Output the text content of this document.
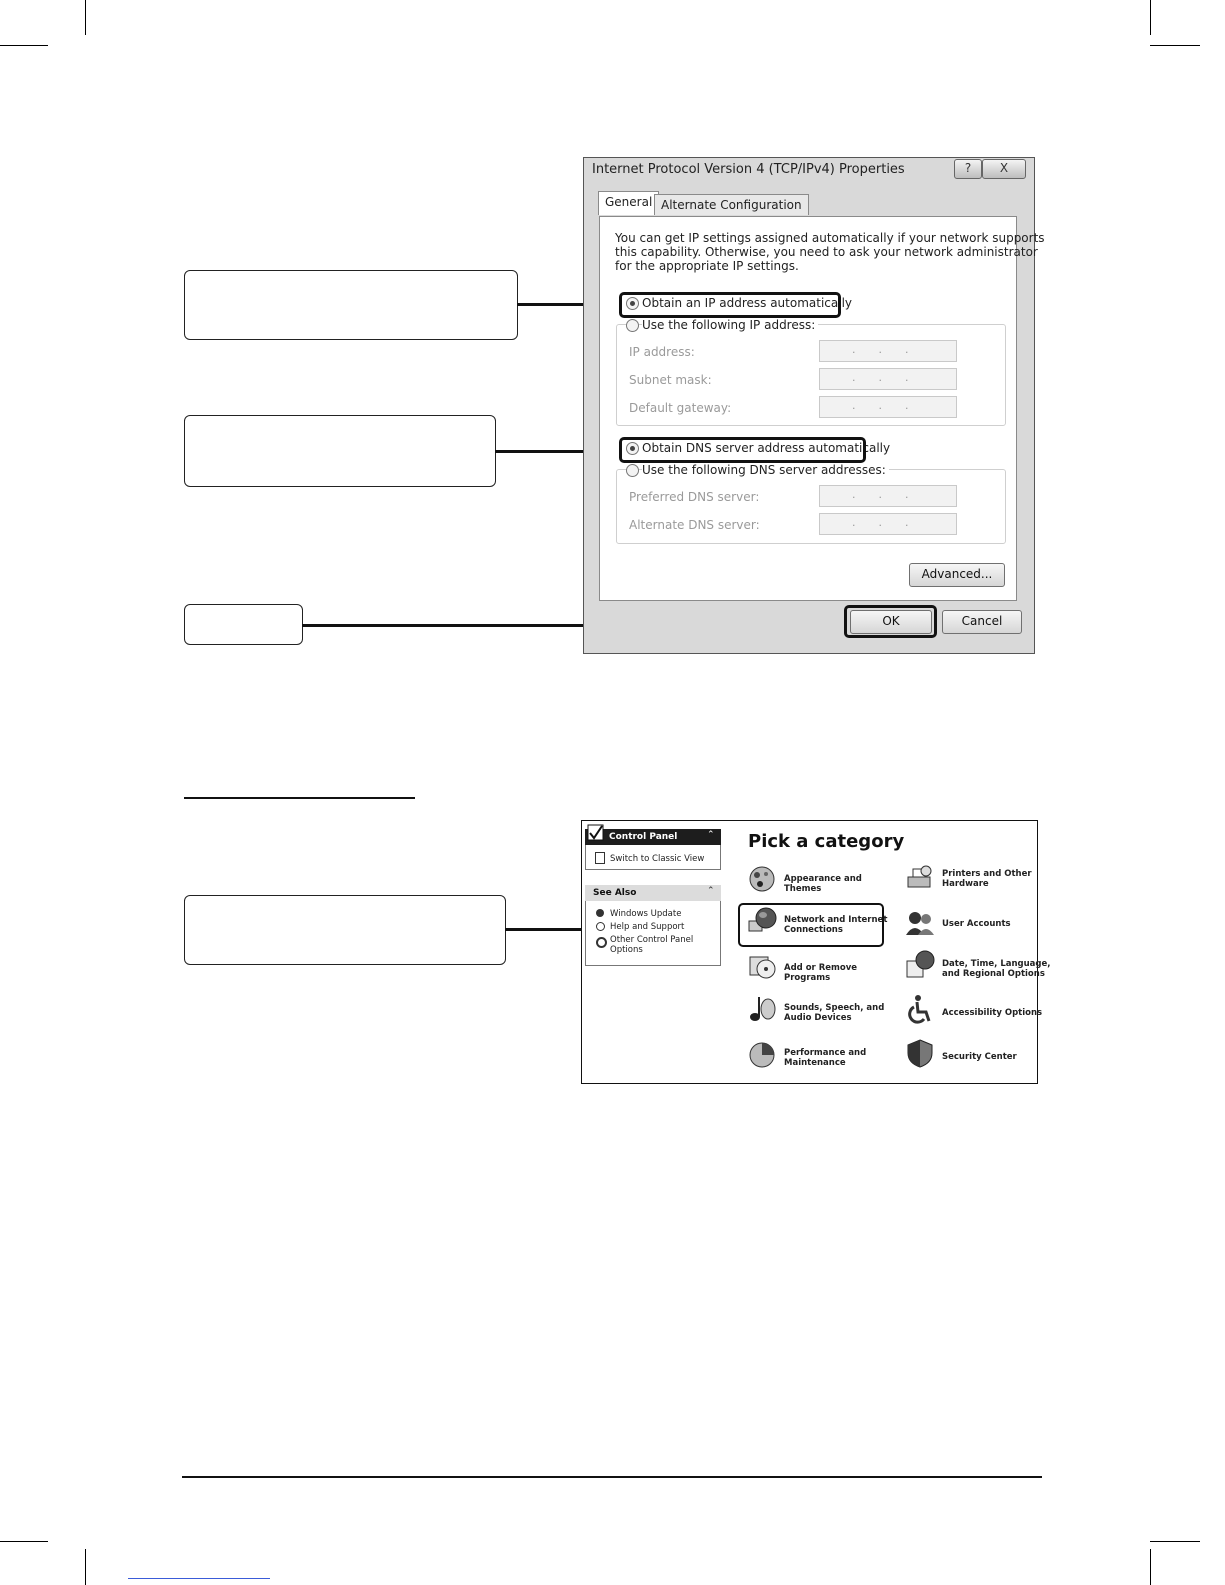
Internet Protocol Version 4 (TCP/IPv4) Properties	?	X
General Alternate Configuration
You can get IP settings assigned automatically if your network supports
this capability. Otherwise, you need to ask your network administrator
for the appropriate IP settings.
Obtain an IP address automatically
Use the following IP address:
IP address:	...
Subnet mask:	...
Default gateway:	...
Obtain DNS server address automatically
Use the following DNS server addresses:
Preferred DNS server:	...
Alternate DNS server:	...
Advanced...
OK	Cancel
Control Panel	⌃
Switch to Classic View
See Also	⌃
Windows Update
Help and Support
Other Control Panel
Options
Pick a category
Appearance and Themes
Network and Internet
Connections
Add or Remove Programs
Sounds, Speech, and
Audio Devices
Performance and
Maintenance
Printers and Other
Hardware
User Accounts
Date, Time, Language,
and Regional Options
Accessibility Options
Security Center
